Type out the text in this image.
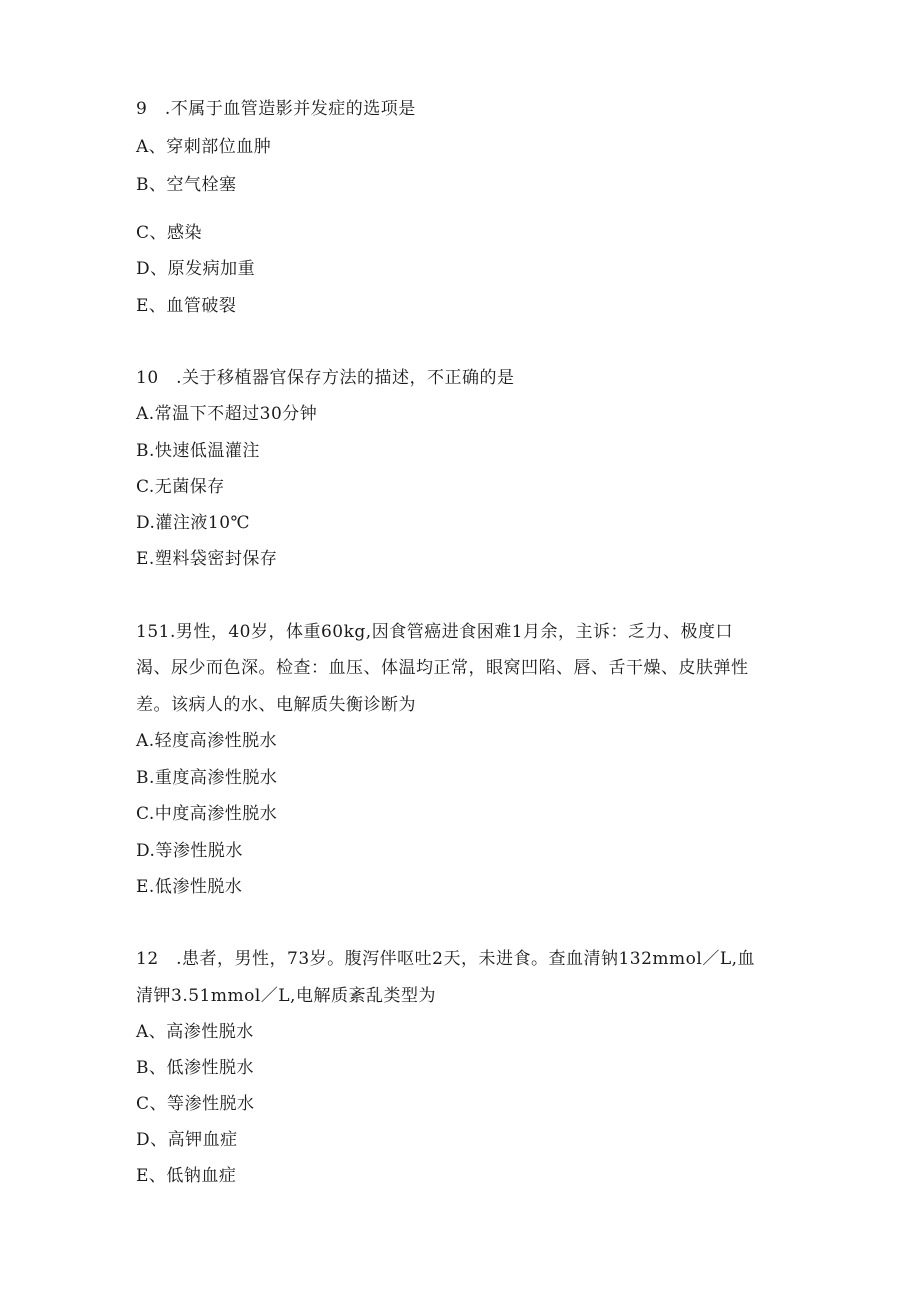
9　.不属于血管造影并发症的选项是
A、穿刺部位血肿
B、空气栓塞
C、感染
D、原发病加重
E、血管破裂
10　.关于移植器官保存方法的描述，不正确的是
A.常温下不超过30分钟
B.快速低温灌注
C.无菌保存
D.灌注液10℃
E.塑料袋密封保存
151.男性，40岁，体重60kg,因食管癌进食困难1月余，主诉：乏力、极度口
渴、尿少而色深。检查：血压、体温均正常，眼窝凹陷、唇、舌干燥、皮肤弹性
差。该病人的水、电解质失衡诊断为
A.轻度高渗性脱水
B.重度高渗性脱水
C.中度高渗性脱水
D.等渗性脱水
E.低渗性脱水
12　.患者，男性，73岁。腹泻伴呕吐2天，未进食。查血清钠132mmol／L,血
清钾3.51mmol／L,电解质紊乱类型为
A、高渗性脱水
B、低渗性脱水
C、等渗性脱水
D、高钾血症
E、低钠血症
